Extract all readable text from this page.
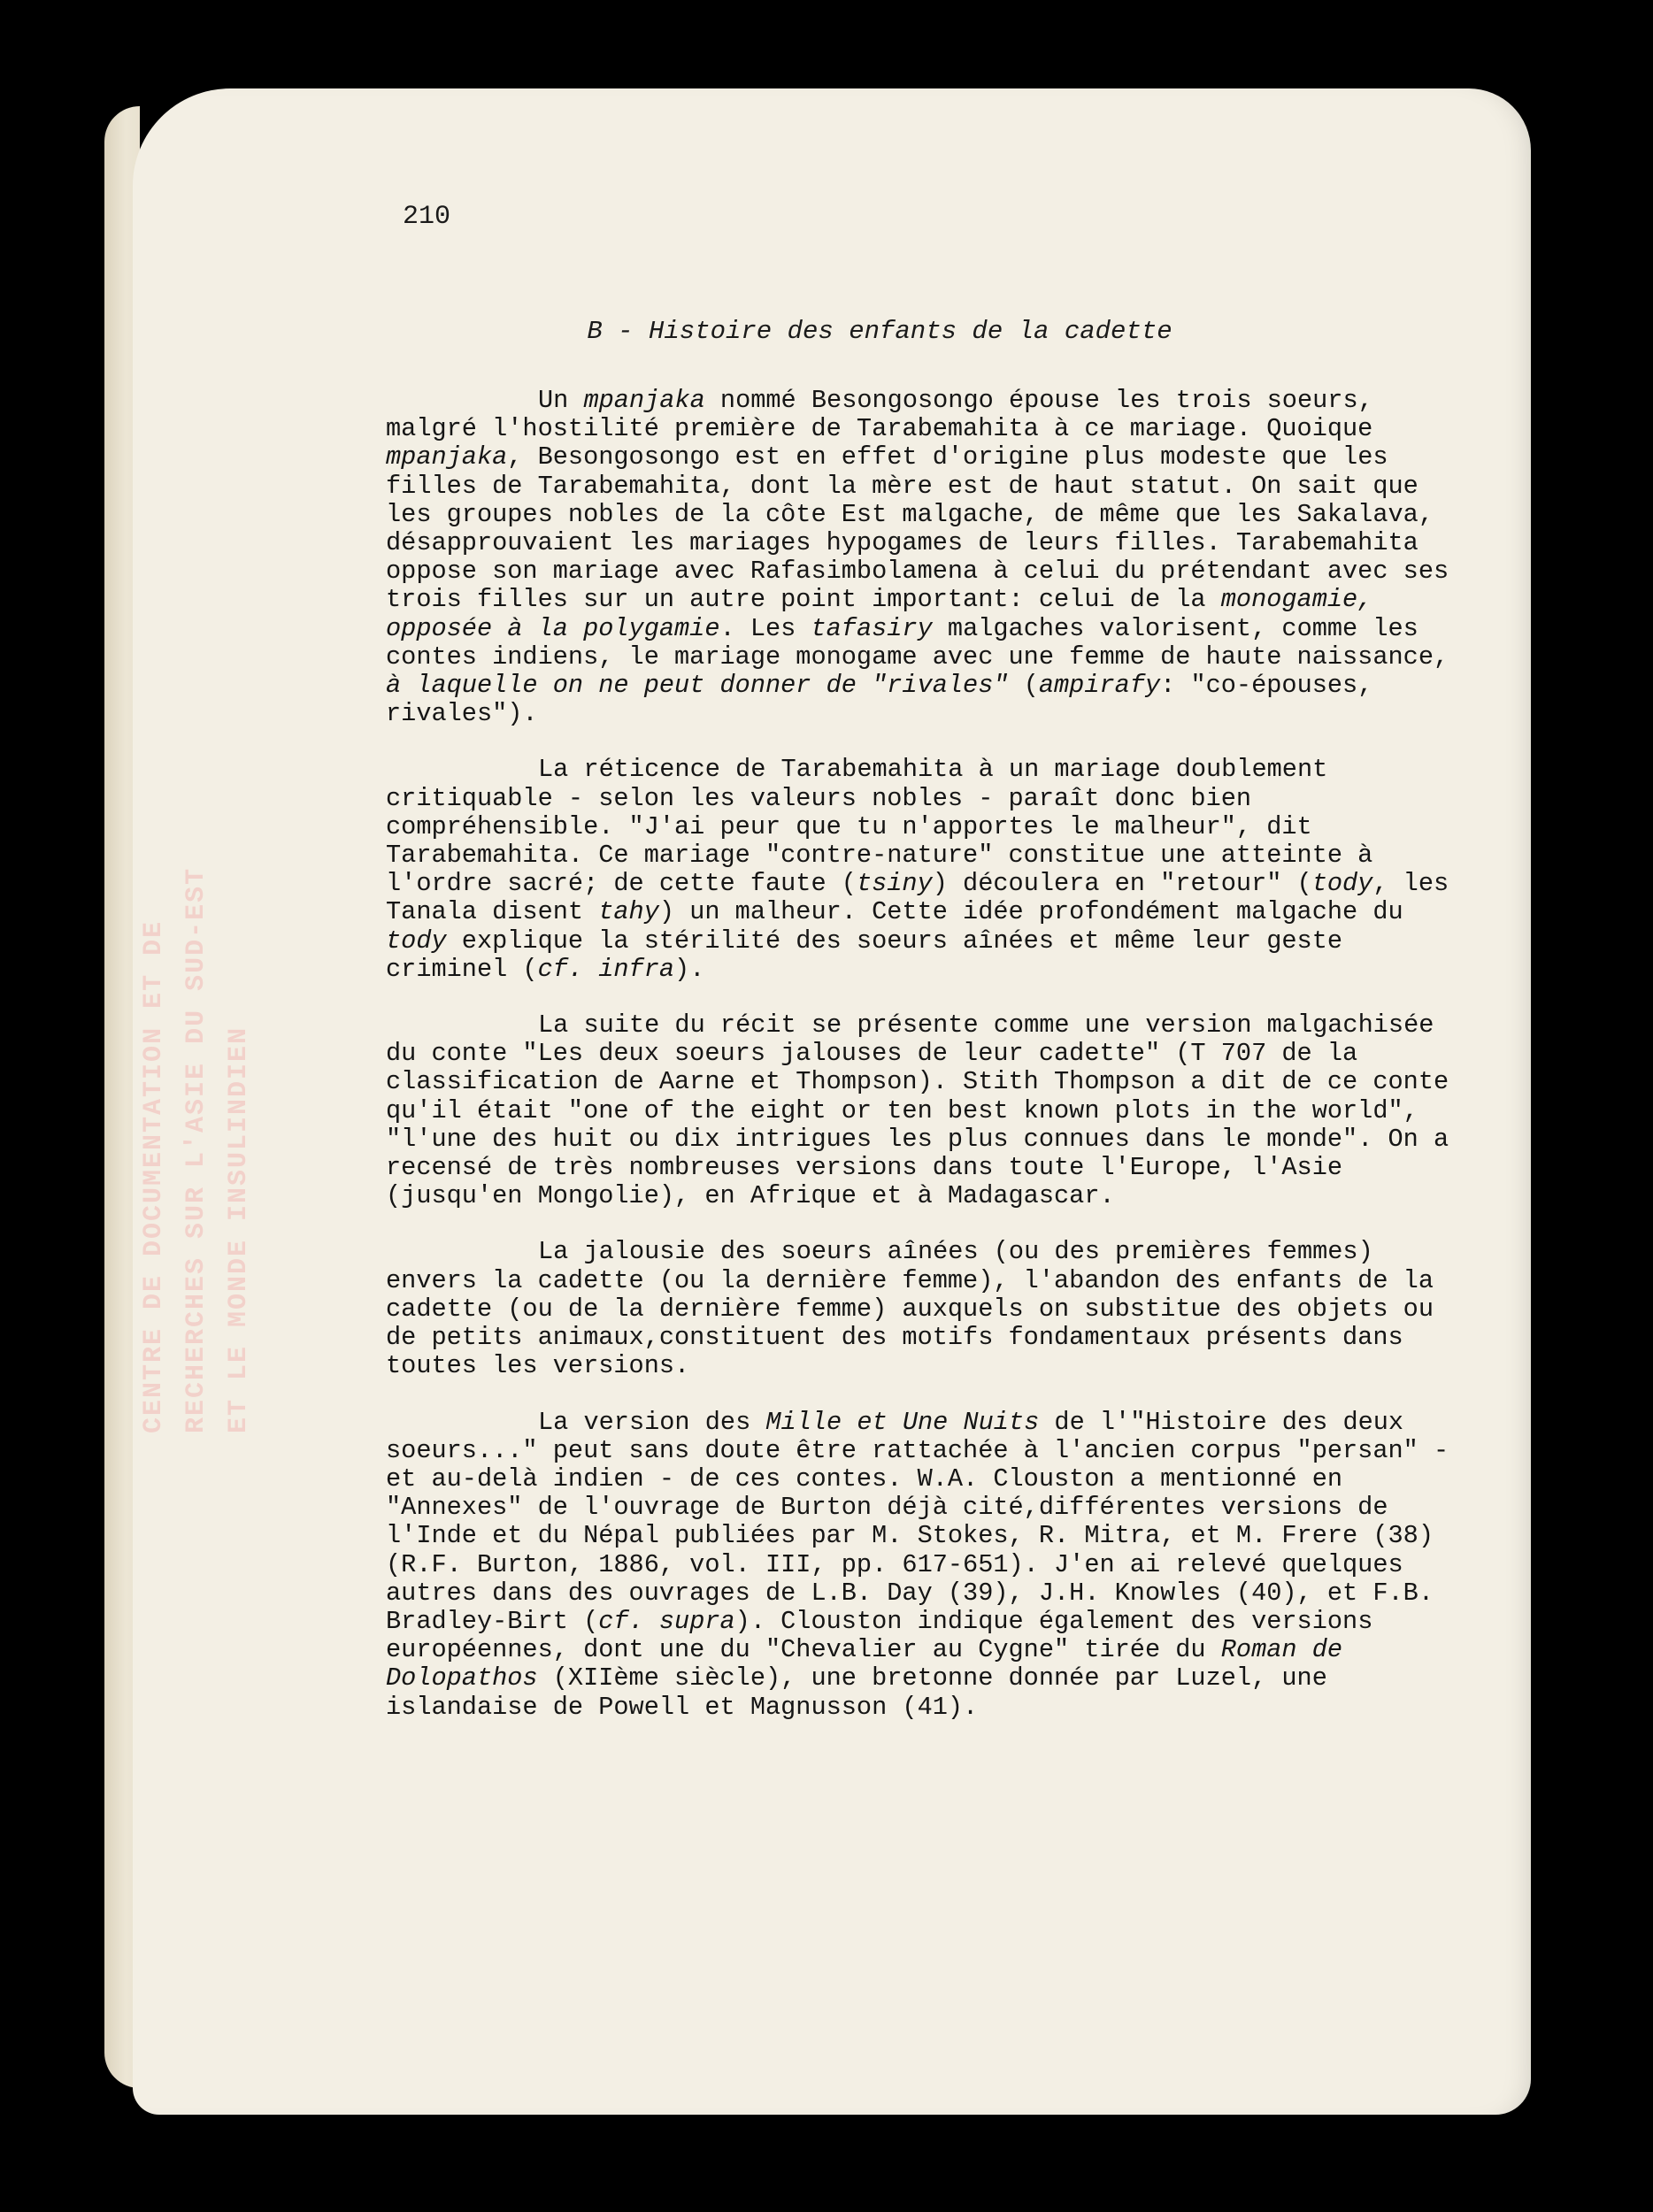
CENTRE DE DOCUMENTATION ET DE RECHERCHES SUR L'ASIE DU SUD-EST ET LE MONDE INSULINDIEN
210
B - Histoire des enfants de la cadette

Un mpanjaka nommé Besongosongo épouse les trois soeurs, malgré l'hostilité première de Tarabemahita à ce mariage. Quoique mpanjaka, Besongosongo est en effet d'origine plus modeste que les filles de Tarabemahita, dont la mère est de haut statut. On sait que les groupes nobles de la côte Est malgache, de même que les Sakalava, désapprouvaient les mariages hypogames de leurs filles. Tarabemahita oppose son mariage avec Rafasimbolamena à celui du prétendant avec ses trois filles sur un autre point important: celui de la monogamie, opposée à la polygamie. Les tafasiry malgaches valorisent, comme les contes indiens, le mariage monogame avec une femme de haute naissance, à laquelle on ne peut donner de "rivales" (ampirafy: "co-épouses, rivales").

La réticence de Tarabemahita à un mariage doublement critiquable - selon les valeurs nobles - paraît donc bien compréhensible. "J'ai peur que tu n'apportes le malheur", dit Tarabemahita. Ce mariage "contre-nature" constitue une atteinte à l'ordre sacré; de cette faute (tsiny) découlera en "retour" (tody, les Tanala disent tahy) un malheur. Cette idée profondément malgache du tody explique la stérilité des soeurs aînées et même leur geste criminel (cf. infra).

La suite du récit se présente comme une version malgachisée du conte "Les deux soeurs jalouses de leur cadette" (T 707 de la classification de Aarne et Thompson). Stith Thompson a dit de ce conte qu'il était "one of the eight or ten best known plots in the world", "l'une des huit ou dix intrigues les plus connues dans le monde". On a recensé de très nombreuses versions dans toute l'Europe, l'Asie (jusqu'en Mongolie), en Afrique et à Madagascar.

La jalousie des soeurs aînées (ou des premières femmes) envers la cadette (ou la dernière femme), l'abandon des enfants de la cadette (ou de la dernière femme) auxquels on substitue des objets ou de petits animaux,constituent des motifs fondamentaux présents dans toutes les versions.

La version des Mille et Une Nuits de l'"Histoire des deux soeurs..." peut sans doute être rattachée à l'ancien corpus "persan" - et au-delà indien - de ces contes. W.A. Clouston a mentionné en "Annexes" de l'ouvrage de Burton déjà cité,différentes versions de l'Inde et du Népal publiées par M. Stokes, R. Mitra, et M. Frere (38) (R.F. Burton, 1886, vol. III, pp. 617-651). J'en ai relevé quelques autres dans des ouvrages de L.B. Day (39), J.H. Knowles (40), et F.B. Bradley-Birt (cf. supra). Clouston indique également des versions européennes, dont une du "Chevalier au Cygne" tirée du Roman de Dolopathos (XIIème siècle), une bretonne donnée par Luzel, une islandaise de Powell et Magnusson (41).
